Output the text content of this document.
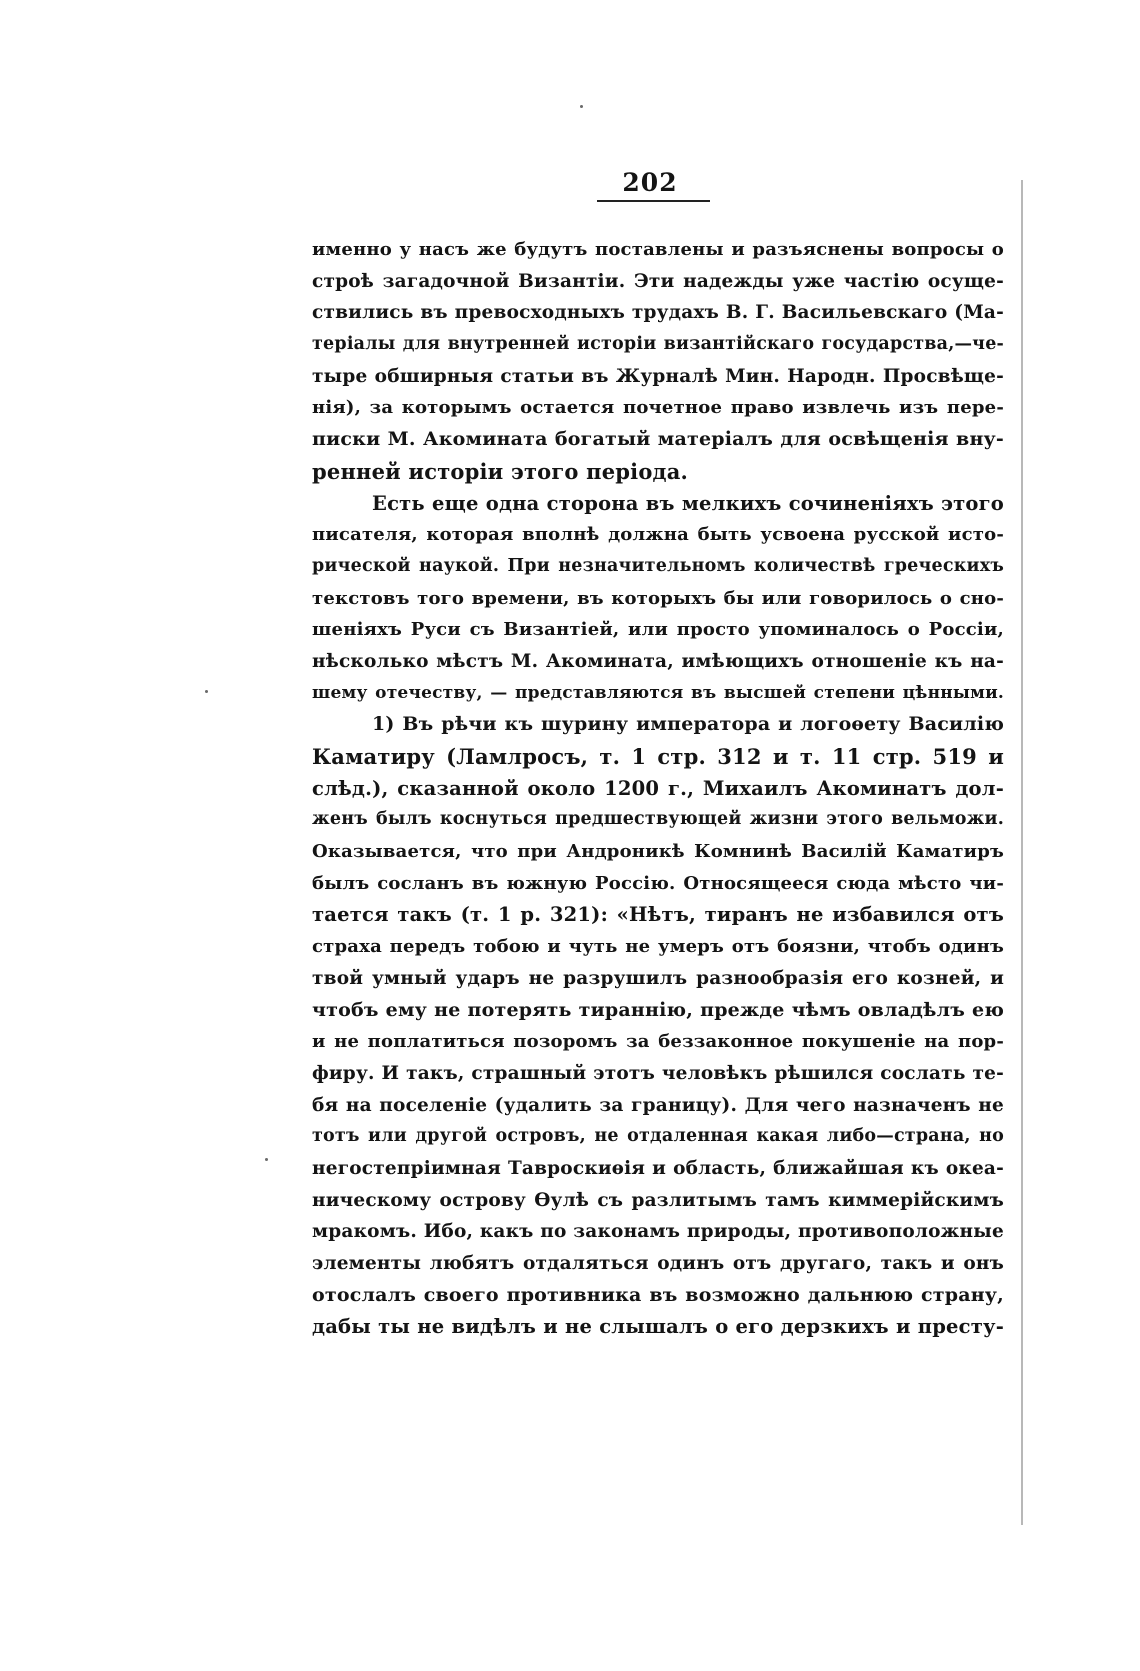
202
именно у насъ же будутъ поставлены и разъяснены вопросы о
строѣ загадочной Византіи. Эти надежды уже частію осуще-
ствились въ превосходныхъ трудахъ В. Г. Васильевскаго (Ма-
теріалы для внутренней исторіи византійскаго государства,—че-
тыре обширныя статьи въ Журналѣ Мин. Народн. Просвѣще-
нія), за которымъ остается почетное право извлечь изъ пере-
писки М. Акомината богатый матеріалъ для освѣщенія вну-
ренней исторіи этого періода.
Есть еще одна сторона въ мелкихъ сочиненіяхъ этого
писателя, которая вполнѣ должна быть усвоена русской исто-
рической наукой. При незначительномъ количествѣ греческихъ
текстовъ того времени, въ которыхъ бы или говорилось о сно-
шеніяхъ Руси съ Византіей, или просто упоминалось о Россіи,
нѣсколько мѣстъ М. Акомината, имѣющихъ отношеніе къ на-
шему отечеству, — представляются въ высшей степени цѣнными.
1) Въ рѣчи къ шурину императора и логоѳету Василію
Каматиру (Ламлросъ, т. 1 стр. 312 и т. 11 стр. 519 и
слѣд.), сказанной около 1200 г., Михаилъ Акоминатъ дол-
женъ былъ коснуться предшествующей жизни этого вельможи.
Оказывается, что при Андроникѣ Комнинѣ Василій Каматиръ
былъ сосланъ въ южную Россію. Относящееся сюда мѣсто чи-
тается такъ (т. 1 р. 321): «Нѣтъ, тиранъ не избавился отъ
страха передъ тобою и чуть не умеръ отъ боязни, чтобъ одинъ
твой умный ударъ не разрушилъ разнообразія его козней, и
чтобъ ему не потерять тираннію, прежде чѣмъ овладѣлъ ею
и не поплатиться позоромъ за беззаконное покушеніе на пор-
фиру. И такъ, страшный этотъ человѣкъ рѣшился сослать те-
бя на поселеніе (удалить за границу). Для чего назначенъ не
тотъ или другой островъ, не отдаленная какая либо—страна, но
негостепріимная Тавроскиѳія и область, ближайшая къ океа-
ническому острову Ѳулѣ съ разлитымъ тамъ киммерійскимъ
мракомъ. Ибо, какъ по законамъ природы, противоположные
элементы любятъ отдаляться одинъ отъ другаго, такъ и онъ
отослалъ своего противника въ возможно дальнюю страну,
дабы ты не видѣлъ и не слышалъ о его дерзкихъ и престу-
